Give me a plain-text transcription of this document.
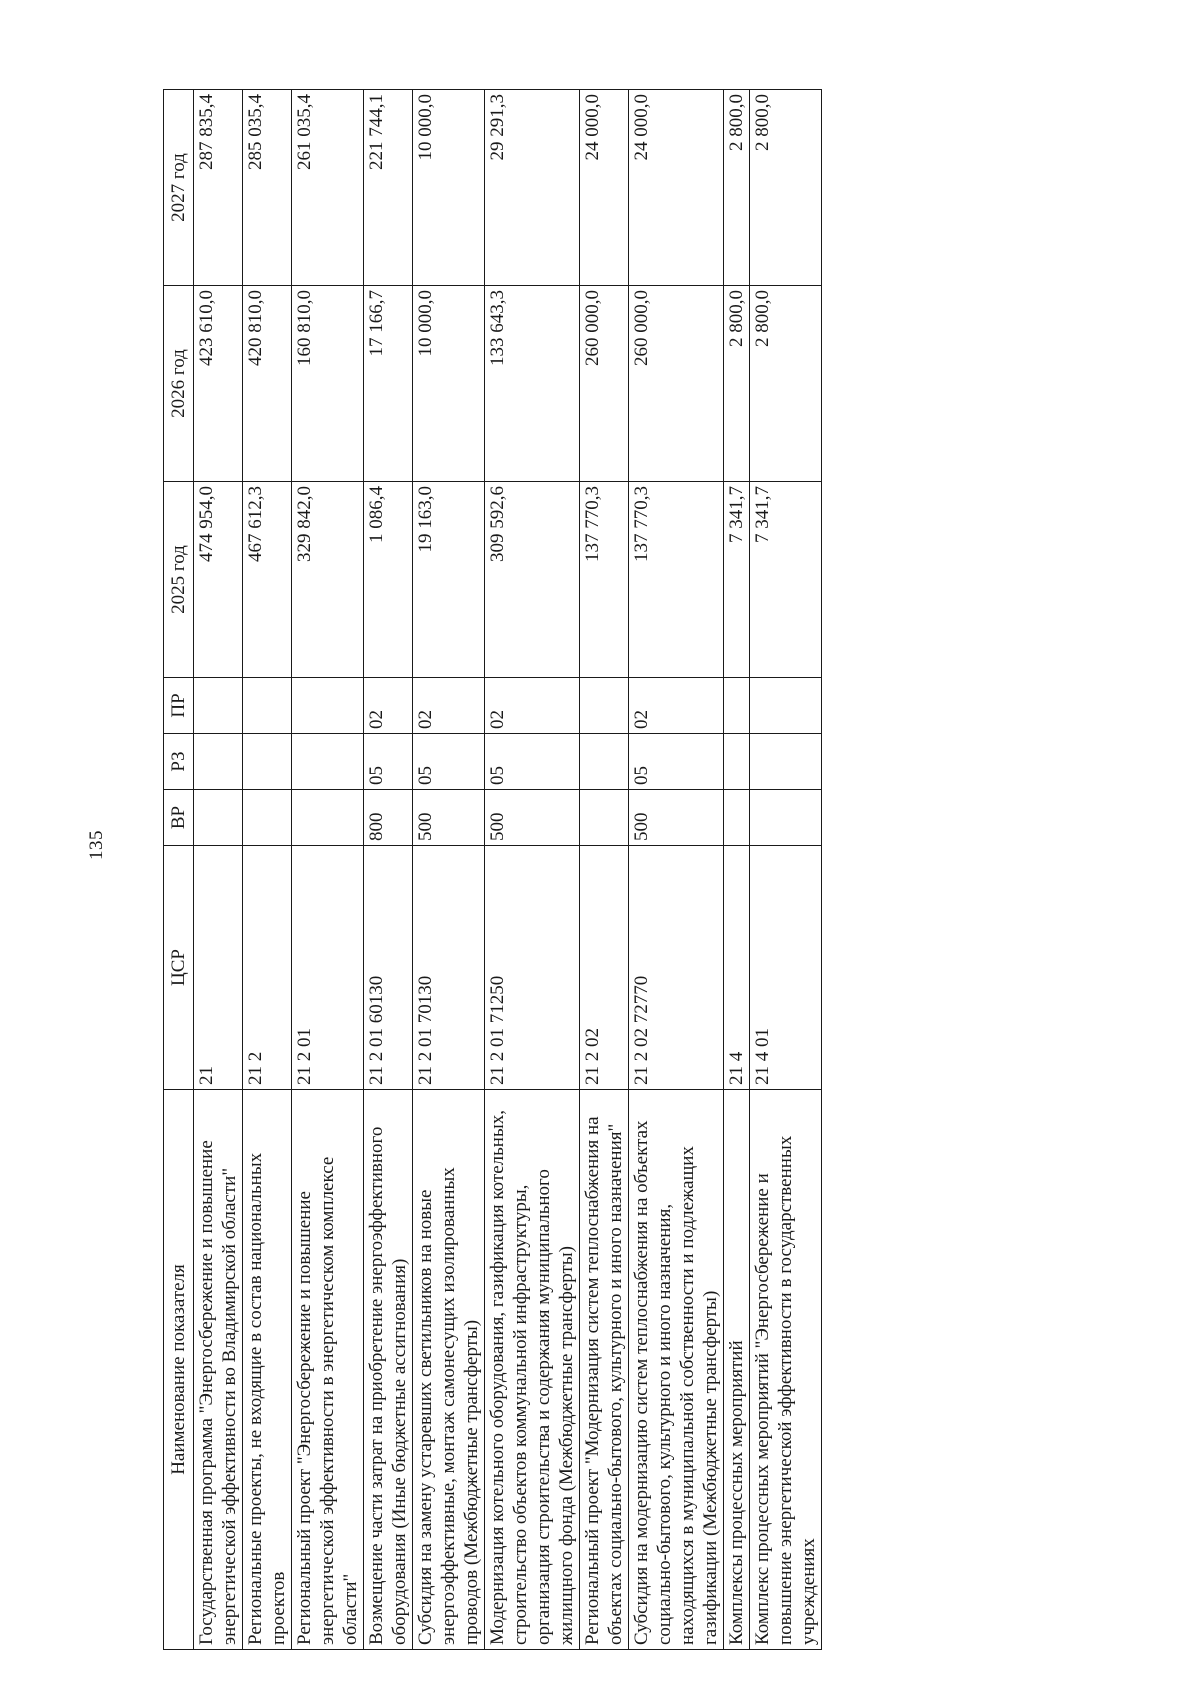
135
Наименование показателя	ЦСР	ВР	РЗ	ПР	2025 год	2026 год	2027 год
Государственная программа "Энергосбережение и повышение энергетической эффективности во Владимирской области"	21				474 954,0	423 610,0	287 835,4
Региональные проекты, не входящие в состав национальных проектов	21 2				467 612,3	420 810,0	285 035,4
Региональный проект "Энергосбережение и повышение энергетической эффективности в энергетическом комплексе области"	21 2 01				329 842,0	160 810,0	261 035,4
Возмещение части затрат на приобретение энергоэффективного оборудования (Иные бюджетные ассигнования)	21 2 01 60130	800	05	02	1 086,4	17 166,7	221 744,1
Субсидия на замену устаревших светильников на новые энергоэффективные, монтаж самонесущих изолированных проводов (Межбюджетные трансферты)	21 2 01 70130	500	05	02	19 163,0	10 000,0	10 000,0
Модернизация котельного оборудования, газификация котельных, строительство объектов коммунальной инфраструктуры, организация строительства и содержания муниципального жилищного фонда (Межбюджетные трансферты)	21 2 01 71250	500	05	02	309 592,6	133 643,3	29 291,3
Региональный проект "Модернизация систем теплоснабжения на объектах социально-бытового, культурного и иного назначения"	21 2 02				137 770,3	260 000,0	24 000,0
Субсидия на модернизацию систем теплоснабжения на объектах социально-бытового, культурного и иного назначения, находящихся в муниципальной собственности и подлежащих газификации (Межбюджетные трансферты)	21 2 02 72770	500	05	02	137 770,3	260 000,0	24 000,0
Комплексы процессных мероприятий	21 4				7 341,7	2 800,0	2 800,0
Комплекс процессных мероприятий "Энергосбережение и повышение энергетической эффективности в государственных учреждениях	21 4 01				7 341,7	2 800,0	2 800,0
